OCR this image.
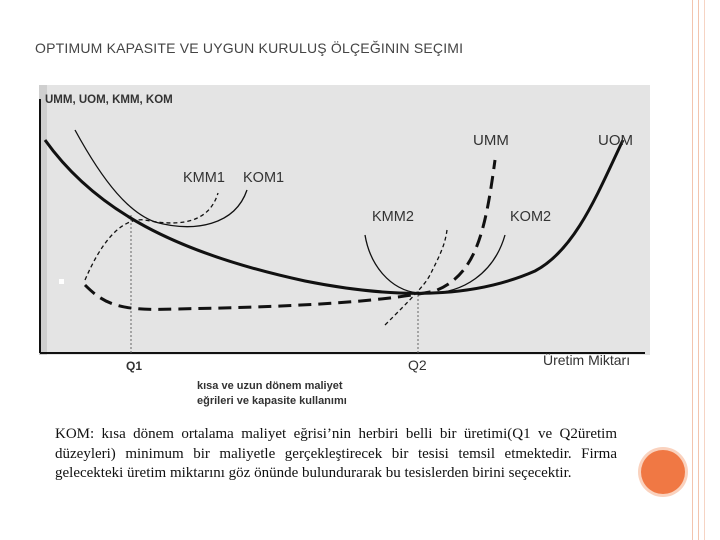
OPTIMUM KAPASITE VE UYGUN KURULUŞ ÖLÇEĞININ SEÇIMI
UMM, UOM, KMM, KOM
UMM	UOM
KMM1 KOM1
KMM2	KOM2
Q1	Q2	Üretim Miktarı
kısa ve uzun dönem maliyet
eğrileri ve kapasite kullanımı

KOM: kısa dönem ortalama maliyet eğrisi’nin herbiri belli bir üretimi(Q1 ve Q2üretim düzeyleri) minimum bir maliyetle gerçekleştirecek bir tesisi temsil etmektedir. Firma gelecekteki üretim miktarını göz önünde bulundurarak bu tesislerden birini seçecektir.
